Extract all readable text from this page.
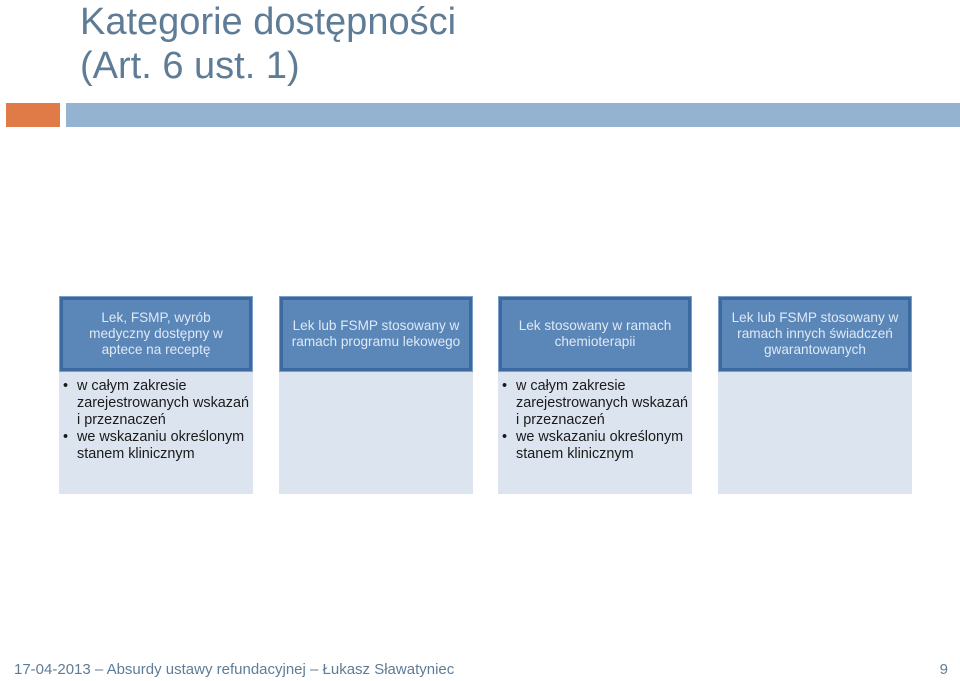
Kategorie dostępności
(Art. 6 ust. 1)
Lek, FSMP, wyrób medyczny dostępny w aptece na receptę
• w całym zakresie zarejestrowanych wskazań i przeznaczeń
• we wskazaniu określonym stanem klinicznym
Lek lub FSMP stosowany w ramach programu lekowego
Lek stosowany w ramach chemioterapii
• w całym zakresie zarejestrowanych wskazań i przeznaczeń
• we wskazaniu określonym stanem klinicznym
Lek lub FSMP stosowany w ramach innych świadczeń gwarantowanych
17-04-2013 – Absurdy ustawy refundacyjnej – Łukasz Sławatyniec	9
